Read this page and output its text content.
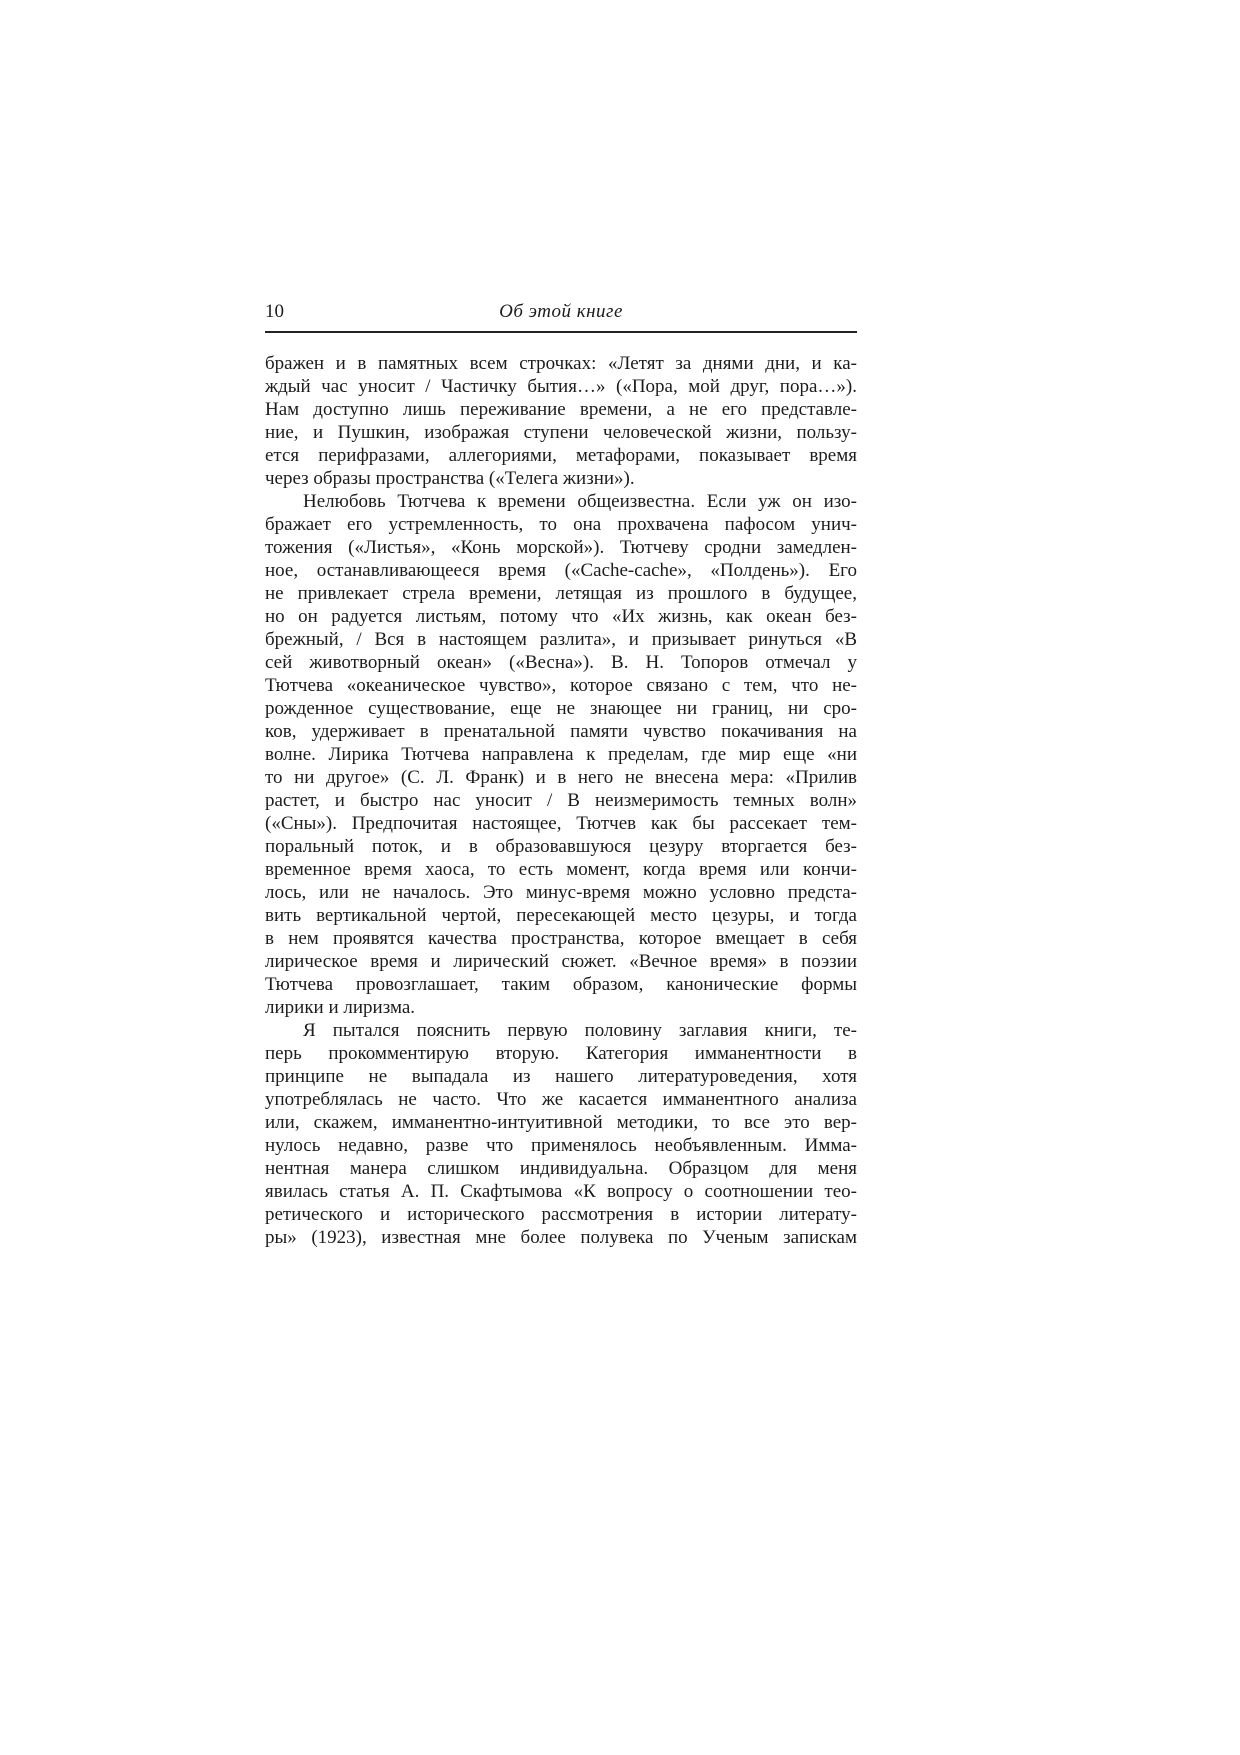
10	Об этой книге
бражен и в памятных всем строчках: «Летят за днями дни, и ка-
ждый час уносит / Частичку бытия…» («Пора, мой друг, пора…»).
Нам доступно лишь переживание времени, а не его представле-
ние, и Пушкин, изображая ступени человеческой жизни, пользу-
ется перифразами, аллегориями, метафорами, показывает время
через образы пространства («Телега жизни»).
Нелюбовь Тютчева к времени общеизвестна. Если уж он изо-
бражает его устремленность, то она прохвачена пафосом унич-
тожения («Листья», «Конь морской»). Тютчеву сродни замедлен-
ное, останавливающееся время («Cache-cache», «Полдень»). Его
не привлекает стрела времени, летящая из прошлого в будущее,
но он радуется листьям, потому что «Их жизнь, как океан без-
брежный, / Вся в настоящем разлита», и призывает ринуться «В
сей животворный океан» («Весна»). В. Н. Топоров отмечал у
Тютчева «океаническое чувство», которое связано с тем, что не-
рожденное существование, еще не знающее ни границ, ни сро-
ков, удерживает в пренатальной памяти чувство покачивания на
волне. Лирика Тютчева направлена к пределам, где мир еще «ни
то ни другое» (С. Л. Франк) и в него не внесена мера: «Прилив
растет, и быстро нас уносит / В неизмеримость темных волн»
(«Сны»). Предпочитая настоящее, Тютчев как бы рассекает тем-
поральный поток, и в образовавшуюся цезуру вторгается без-
временное время хаоса, то есть момент, когда время или кончи-
лось, или не началось. Это минус-время можно условно предста-
вить вертикальной чертой, пересекающей место цезуры, и тогда
в нем проявятся качества пространства, которое вмещает в себя
лирическое время и лирический сюжет. «Вечное время» в поэзии
Тютчева провозглашает, таким образом, канонические формы
лирики и лиризма.
Я пытался пояснить первую половину заглавия книги, те-
перь прокомментирую вторую. Категория имманентности в
принципе не выпадала из нашего литературоведения, хотя
употреблялась не часто. Что же касается имманентного анализа
или, скажем, имманентно-интуитивной методики, то все это вер-
нулось недавно, разве что применялось необъявленным. Имма-
нентная манера слишком индивидуальна. Образцом для меня
явилась статья А. П. Скафтымова «К вопросу о соотношении тео-
ретического и исторического рассмотрения в истории литерату-
ры» (1923), известная мне более полувека по Ученым запискам
